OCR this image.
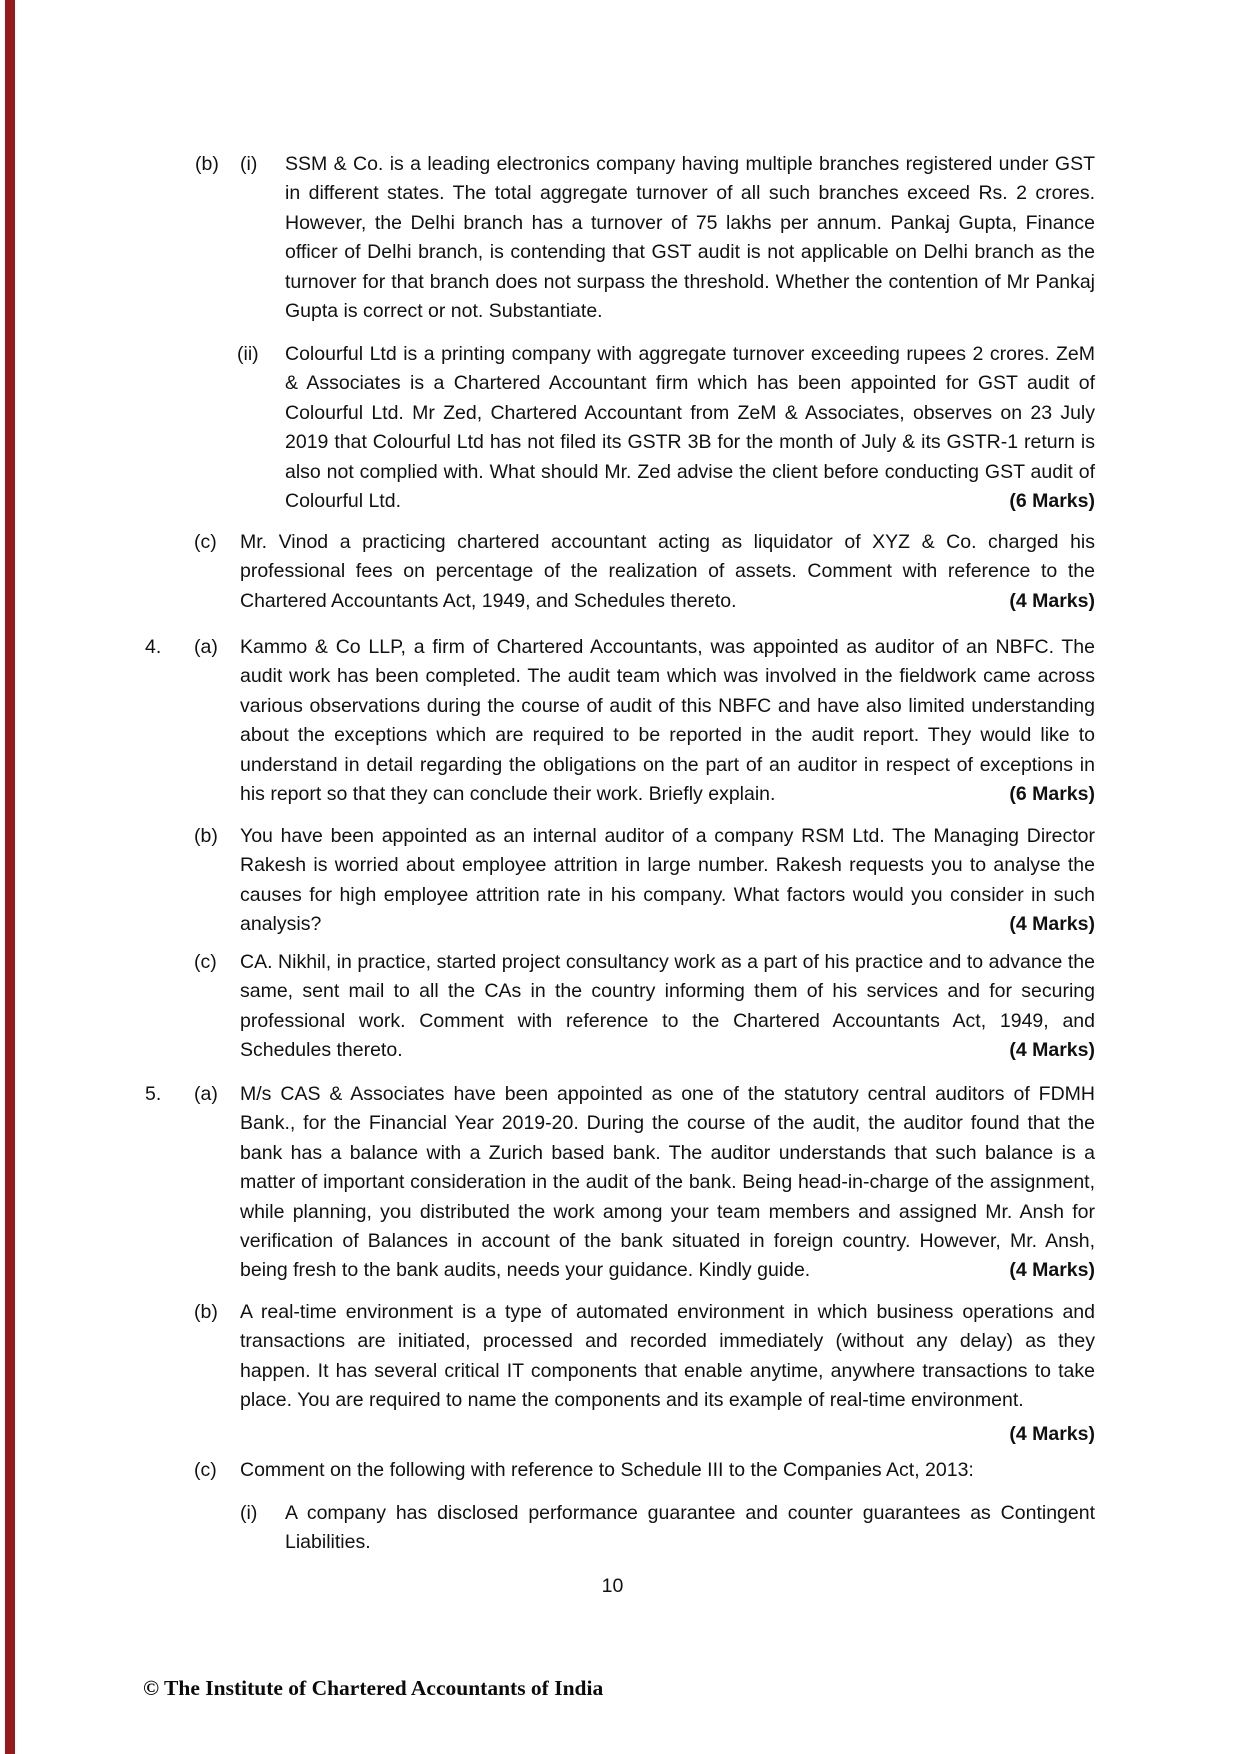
(b) (i) SSM & Co. is a leading electronics company having multiple branches registered under GST in different states. The total aggregate turnover of all such branches exceed Rs. 2 crores. However, the Delhi branch has a turnover of 75 lakhs per annum. Pankaj Gupta, Finance officer of Delhi branch, is contending that GST audit is not applicable on Delhi branch as the turnover for that branch does not surpass the threshold. Whether the contention of Mr Pankaj Gupta is correct or not. Substantiate.
(ii) Colourful Ltd is a printing company with aggregate turnover exceeding rupees 2 crores. ZeM & Associates is a Chartered Accountant firm which has been appointed for GST audit of Colourful Ltd. Mr Zed, Chartered Accountant from ZeM & Associates, observes on 23 July 2019 that Colourful Ltd has not filed its GSTR 3B for the month of July & its GSTR-1 return is also not complied with. What should Mr. Zed advise the client before conducting GST audit of Colourful Ltd.	(6 Marks)
(c) Mr. Vinod a practicing chartered accountant acting as liquidator of XYZ & Co. charged his professional fees on percentage of the realization of assets. Comment with reference to the Chartered Accountants Act, 1949, and Schedules thereto.	(4 Marks)
4. (a) Kammo & Co LLP, a firm of Chartered Accountants, was appointed as auditor of an NBFC. The audit work has been completed. The audit team which was involved in the fieldwork came across various observations during the course of audit of this NBFC and have also limited understanding about the exceptions which are required to be reported in the audit report. They would like to understand in detail regarding the obligations on the part of an auditor in respect of exceptions in his report so that they can conclude their work. Briefly explain.	(6 Marks)
(b) You have been appointed as an internal auditor of a company RSM Ltd. The Managing Director Rakesh is worried about employee attrition in large number. Rakesh requests you to analyse the causes for high employee attrition rate in his company. What factors would you consider in such analysis?	(4 Marks)
(c) CA. Nikhil, in practice, started project consultancy work as a part of his practice and to advance the same, sent mail to all the CAs in the country informing them of his services and for securing professional work. Comment with reference to the Chartered Accountants Act, 1949, and Schedules thereto.	(4 Marks)
5. (a) M/s CAS & Associates have been appointed as one of the statutory central auditors of FDMH Bank., for the Financial Year 2019-20. During the course of the audit, the auditor found that the bank has a balance with a Zurich based bank. The auditor understands that such balance is a matter of important consideration in the audit of the bank. Being head-in-charge of the assignment, while planning, you distributed the work among your team members and assigned Mr. Ansh for verification of Balances in account of the bank situated in foreign country. However, Mr. Ansh, being fresh to the bank audits, needs your guidance. Kindly guide.	(4 Marks)
(b) A real-time environment is a type of automated environment in which business operations and transactions are initiated, processed and recorded immediately (without any delay) as they happen. It has several critical IT components that enable anytime, anywhere transactions to take place. You are required to name the components and its example of real-time environment.
(4 Marks)
(c) Comment on the following with reference to Schedule III to the Companies Act, 2013:
(i) A company has disclosed performance guarantee and counter guarantees as Contingent Liabilities.
10
© The Institute of Chartered Accountants of India
